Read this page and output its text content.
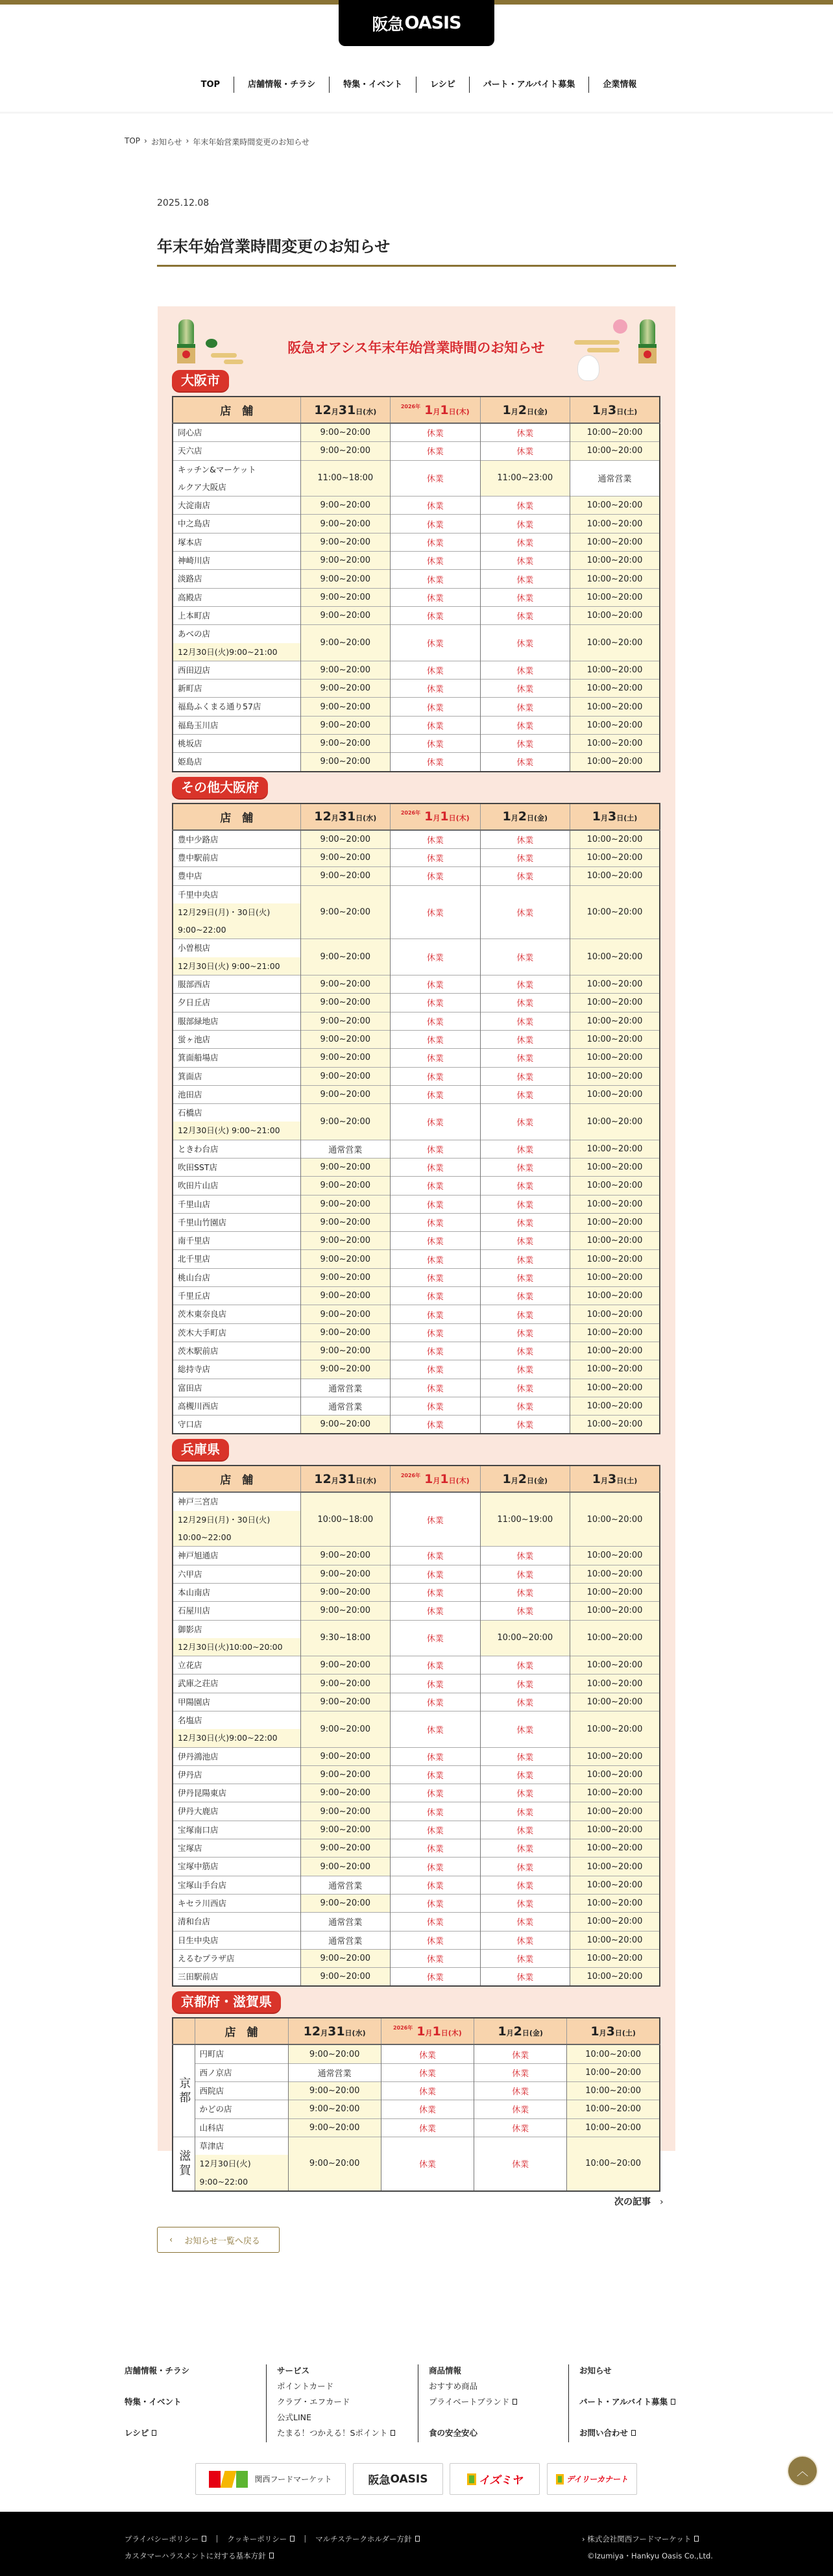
阪急 OASIS
TOP	店舗情報・チラシ	特集・イベント	レシピ	パート・アルバイト募集	企業情報
TOP › お知らせ › 年末年始営業時間変更のお知らせ
2025.12.08
年末年始営業時間変更のお知らせ
阪急オアシス年末年始営業時間のお知らせ
大阪市
店　舗	12月31日(水)	$^{2026年}$ 1月1日(木)	1月2日(金)	1月3日(土)

同心店	9:00~20:00	休業	休業	10:00~20:00

天六店	9:00~20:00	休業	休業	10:00~20:00

キッチン&マーケット
ルクア大阪店	11:00~18:00	休業	11:00~23:00	通常営業

大淀南店	9:00~20:00	休業	休業	10:00~20:00

中之島店	9:00~20:00	休業	休業	10:00~20:00

塚本店	9:00~20:00	休業	休業	10:00~20:00

神崎川店	9:00~20:00	休業	休業	10:00~20:00

淡路店	9:00~20:00	休業	休業	10:00~20:00

高殿店	9:00~20:00	休業	休業	10:00~20:00

上本町店	9:00~20:00	休業	休業	10:00~20:00

あべの店
12月30日(火)9:00~21:00	9:00~20:00	休業	休業	10:00~20:00

西田辺店	9:00~20:00	休業	休業	10:00~20:00

新町店	9:00~20:00	休業	休業	10:00~20:00

福島ふくまる通り57店	9:00~20:00	休業	休業	10:00~20:00

福島玉川店	9:00~20:00	休業	休業	10:00~20:00

桃坂店	9:00~20:00	休業	休業	10:00~20:00

姫島店	9:00~20:00	休業	休業	10:00~20:00
その他大阪府
店　舗	12月31日(水)	$^{2026年}$ 1月1日(木)	1月2日(金)	1月3日(土)

豊中少路店	9:00~20:00	休業	休業	10:00~20:00

豊中駅前店	9:00~20:00	休業	休業	10:00~20:00

豊中店	9:00~20:00	休業	休業	10:00~20:00

千里中央店
12月29日(月)・30日(火)
9:00~22:00	9:00~20:00	休業	休業	10:00~20:00

小曽根店
12月30日(火) 9:00~21:00	9:00~20:00	休業	休業	10:00~20:00

服部西店	9:00~20:00	休業	休業	10:00~20:00

夕日丘店	9:00~20:00	休業	休業	10:00~20:00

服部緑地店	9:00~20:00	休業	休業	10:00~20:00

蛍ヶ池店	9:00~20:00	休業	休業	10:00~20:00

箕面船場店	9:00~20:00	休業	休業	10:00~20:00

箕面店	9:00~20:00	休業	休業	10:00~20:00

池田店	9:00~20:00	休業	休業	10:00~20:00

石橋店
12月30日(火) 9:00~21:00	9:00~20:00	休業	休業	10:00~20:00

ときわ台店	通常営業	休業	休業	10:00~20:00

吹田SST店	9:00~20:00	休業	休業	10:00~20:00

吹田片山店	9:00~20:00	休業	休業	10:00~20:00

千里山店	9:00~20:00	休業	休業	10:00~20:00

千里山竹園店	9:00~20:00	休業	休業	10:00~20:00

南千里店	9:00~20:00	休業	休業	10:00~20:00

北千里店	9:00~20:00	休業	休業	10:00~20:00

桃山台店	9:00~20:00	休業	休業	10:00~20:00

千里丘店	9:00~20:00	休業	休業	10:00~20:00

茨木東奈良店	9:00~20:00	休業	休業	10:00~20:00

茨木大手町店	9:00~20:00	休業	休業	10:00~20:00

茨木駅前店	9:00~20:00	休業	休業	10:00~20:00

総持寺店	9:00~20:00	休業	休業	10:00~20:00

富田店	通常営業	休業	休業	10:00~20:00

高槻川西店	通常営業	休業	休業	10:00~20:00

守口店	9:00~20:00	休業	休業	10:00~20:00
兵庫県
店　舗	12月31日(水)	$^{2026年}$ 1月1日(木)	1月2日(金)	1月3日(土)

神戸三宮店
12月29日(月)・30日(火)
10:00~22:00	10:00~18:00	休業	11:00~19:00	10:00~20:00

神戸旭通店	9:00~20:00	休業	休業	10:00~20:00

六甲店	9:00~20:00	休業	休業	10:00~20:00

本山南店	9:00~20:00	休業	休業	10:00~20:00

石屋川店	9:00~20:00	休業	休業	10:00~20:00

御影店
12月30日(火)10:00~20:00	9:30~18:00	休業	10:00~20:00	10:00~20:00

立花店	9:00~20:00	休業	休業	10:00~20:00

武庫之荘店	9:00~20:00	休業	休業	10:00~20:00

甲陽園店	9:00~20:00	休業	休業	10:00~20:00

名塩店
12月30日(火)9:00~22:00	9:00~20:00	休業	休業	10:00~20:00

伊丹鴻池店	9:00~20:00	休業	休業	10:00~20:00

伊丹店	9:00~20:00	休業	休業	10:00~20:00

伊丹昆陽東店	9:00~20:00	休業	休業	10:00~20:00

伊丹大鹿店	9:00~20:00	休業	休業	10:00~20:00

宝塚南口店	9:00~20:00	休業	休業	10:00~20:00

宝塚店	9:00~20:00	休業	休業	10:00~20:00

宝塚中筋店	9:00~20:00	休業	休業	10:00~20:00

宝塚山手台店	通常営業	休業	休業	10:00~20:00

キセラ川西店	9:00~20:00	休業	休業	10:00~20:00

清和台店	通常営業	休業	休業	10:00~20:00

日生中央店	通常営業	休業	休業	10:00~20:00

えるむプラザ店	9:00~20:00	休業	休業	10:00~20:00

三田駅前店	9:00~20:00	休業	休業	10:00~20:00
京都府・滋賀県
	店　舗	12月31日(水)	$^{2026年}$ 1月1日(木)	1月2日(金)	1月3日(土)
京都	円町店	9:00~20:00	休業	休業	10:00~20:00

	西ノ京店	通常営業	休業	休業	10:00~20:00

	西院店	9:00~20:00	休業	休業	10:00~20:00

	かどの店	9:00~20:00	休業	休業	10:00~20:00

	山科店	9:00~20:00	休業	休業	10:00~20:00
滋賀	草津店
12月30日(火)
9:00~22:00	9:00~20:00	休業	休業	10:00~20:00
次の記事 ›
‹ お知らせ一覧へ戻る
店舗情報・チラシ
特集・イベント
レシピ
サービス
ポイントカード
クラブ・エフカード
公式LINE
たまる！つかえる！Sポイント
商品情報
おすすめ商品
プライベートブランド
食の安全安心
お知らせ
パート・アルバイト募集
お問い合わせ
関西フードマーケット	阪急 OASIS	イズミヤ	デイリーカナート
︿
プライバシーポリシー	| クッキーポリシー	| マルチステークホルダー方針
カスタマーハラスメントに対する基本方針
› 株式会社関西フードマーケット
©Izumiya・Hankyu Oasis Co.,Ltd.
